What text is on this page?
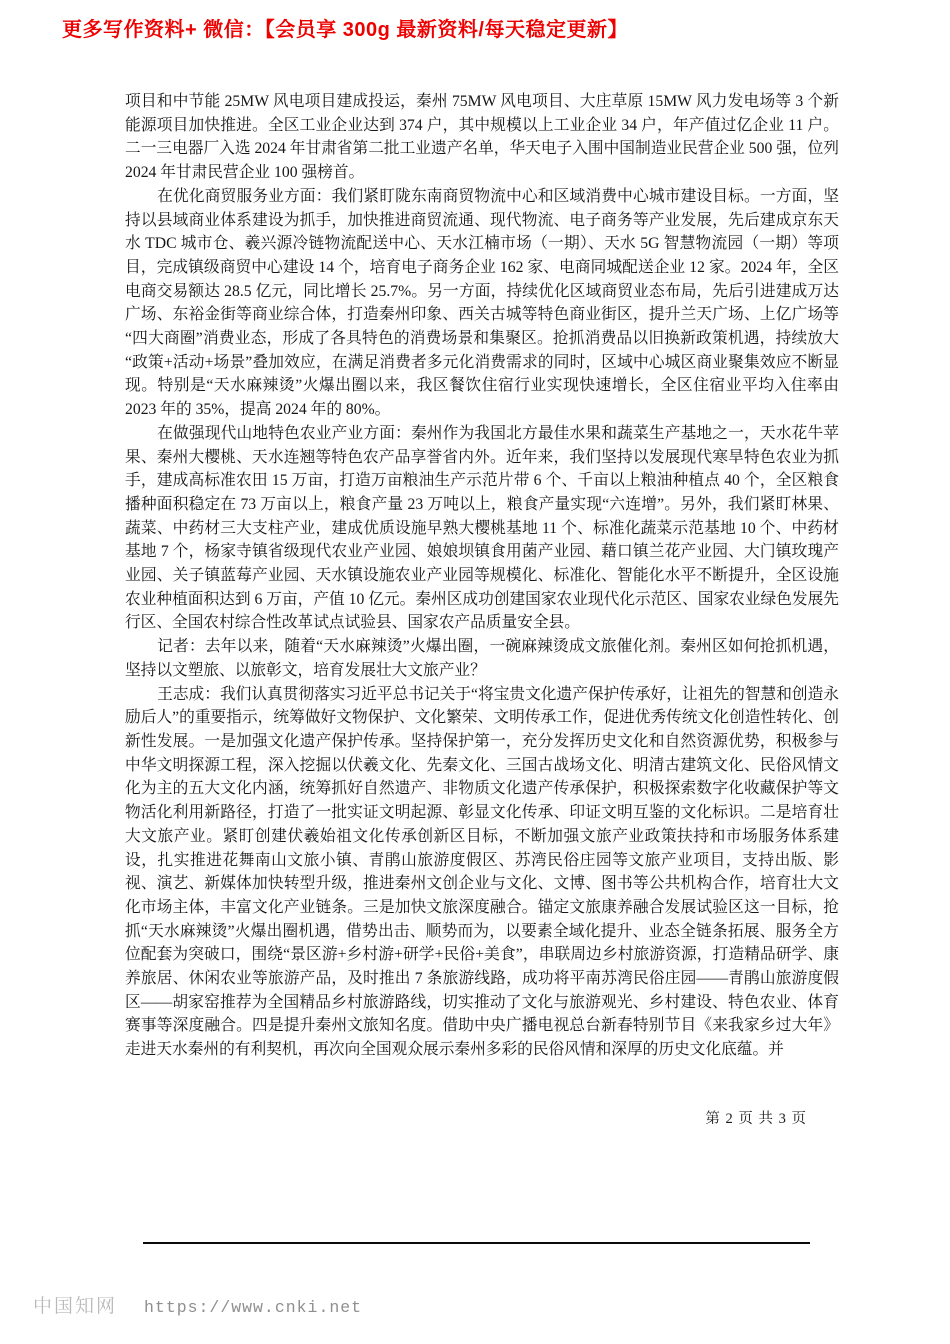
更多写作资料+ 微信：【会员享 300g 最新资料/每天稳定更新】

项目和中节能 25MW 风电项目建成投运，秦州 75MW 风电项目、大庄草原 15MW 风力发电场等 3 个新能源项目加快推进。全区工业企业达到 374 户，其中规模以上工业企业 34 户，年产值过亿企业 11 户。二一三电器厂入选 2024 年甘肃省第二批工业遗产名单，华天电子入围中国制造业民营企业 500 强，位列 2024 年甘肃民营企业 100 强榜首。

在优化商贸服务业方面：我们紧盯陇东南商贸物流中心和区域消费中心城市建设目标。一方面，坚持以县域商业体系建设为抓手，加快推进商贸流通、现代物流、电子商务等产业发展，先后建成京东天水 TDC 城市仓、羲兴源冷链物流配送中心、天水江楠市场（一期）、天水 5G 智慧物流园（一期）等项目，完成镇级商贸中心建设 14 个，培育电子商务企业 162 家、电商同城配送企业 12 家。2024 年，全区电商交易额达 28.5 亿元，同比增长 25.7%。另一方面，持续优化区域商贸业态布局，先后引进建成万达广场、东裕金街等商业综合体，打造秦州印象、西关古城等特色商业街区，提升兰天广场、上亿广场等“四大商圈”消费业态，形成了各具特色的消费场景和集聚区。抢抓消费品以旧换新政策机遇，持续放大“政策+活动+场景”叠加效应，在满足消费者多元化消费需求的同时，区域中心城区商业聚集效应不断显现。特别是“天水麻辣烫”火爆出圈以来，我区餐饮住宿行业实现快速增长，全区住宿业平均入住率由 2023 年的 35%，提高 2024 年的 80%。

在做强现代山地特色农业产业方面：秦州作为我国北方最佳水果和蔬菜生产基地之一，天水花牛苹果、秦州大樱桃、天水连翘等特色农产品享誉省内外。近年来，我们坚持以发展现代寒旱特色农业为抓手，建成高标准农田 15 万亩，打造万亩粮油生产示范片带 6 个、千亩以上粮油种植点 40 个，全区粮食播种面积稳定在 73 万亩以上，粮食产量 23 万吨以上，粮食产量实现“六连增”。另外，我们紧盯林果、蔬菜、中药材三大支柱产业，建成优质设施早熟大樱桃基地 11 个、标准化蔬菜示范基地 10 个、中药材基地 7 个，杨家寺镇省级现代农业产业园、娘娘坝镇食用菌产业园、藉口镇兰花产业园、大门镇玫瑰产业园、关子镇蓝莓产业园、天水镇设施农业产业园等规模化、标准化、智能化水平不断提升，全区设施农业种植面积达到 6 万亩，产值 10 亿元。秦州区成功创建国家农业现代化示范区、国家农业绿色发展先行区、全国农村综合性改革试点试验县、国家农产品质量安全县。

记者：去年以来，随着“天水麻辣烫”火爆出圈，一碗麻辣烫成文旅催化剂。秦州区如何抢抓机遇，坚持以文塑旅、以旅彰文，培育发展壮大文旅产业？

王志成：我们认真贯彻落实习近平总书记关于“将宝贵文化遗产保护传承好，让祖先的智慧和创造永励后人”的重要指示，统筹做好文物保护、文化繁荣、文明传承工作，促进优秀传统文化创造性转化、创新性发展。一是加强文化遗产保护传承。坚持保护第一，充分发挥历史文化和自然资源优势，积极参与中华文明探源工程，深入挖掘以伏羲文化、先秦文化、三国古战场文化、明清古建筑文化、民俗风情文化为主的五大文化内涵，统筹抓好自然遗产、非物质文化遗产传承保护，积极探索数字化收藏保护等文物活化利用新路径，打造了一批实证文明起源、彰显文化传承、印证文明互鉴的文化标识。二是培育壮大文旅产业。紧盯创建伏羲始祖文化传承创新区目标，不断加强文旅产业政策扶持和市场服务体系建设，扎实推进花舞南山文旅小镇、青鹃山旅游度假区、苏湾民俗庄园等文旅产业项目，支持出版、影视、演艺、新媒体加快转型升级，推进秦州文创企业与文化、文博、图书等公共机构合作，培育壮大文化市场主体，丰富文化产业链条。三是加快文旅深度融合。锚定文旅康养融合发展试验区这一目标，抢抓“天水麻辣烫”火爆出圈机遇，借势出击、顺势而为，以要素全域化提升、业态全链条拓展、服务全方位配套为突破口，围绕“景区游+乡村游+研学+民俗+美食”，串联周边乡村旅游资源，打造精品研学、康养旅居、休闲农业等旅游产品，及时推出 7 条旅游线路，成功将平南苏湾民俗庄园——青鹃山旅游度假区——胡家窑推荐为全国精品乡村旅游路线，切实推动了文化与旅游观光、乡村建设、特色农业、体育赛事等深度融合。四是提升秦州文旅知名度。借助中央广播电视总台新春特别节目《来我家乡过大年》走进天水秦州的有利契机，再次向全国观众展示秦州多彩的民俗风情和深厚的历史文化底蕴。并

第 2 页 共 3 页
中国知网 https://www.cnki.net
